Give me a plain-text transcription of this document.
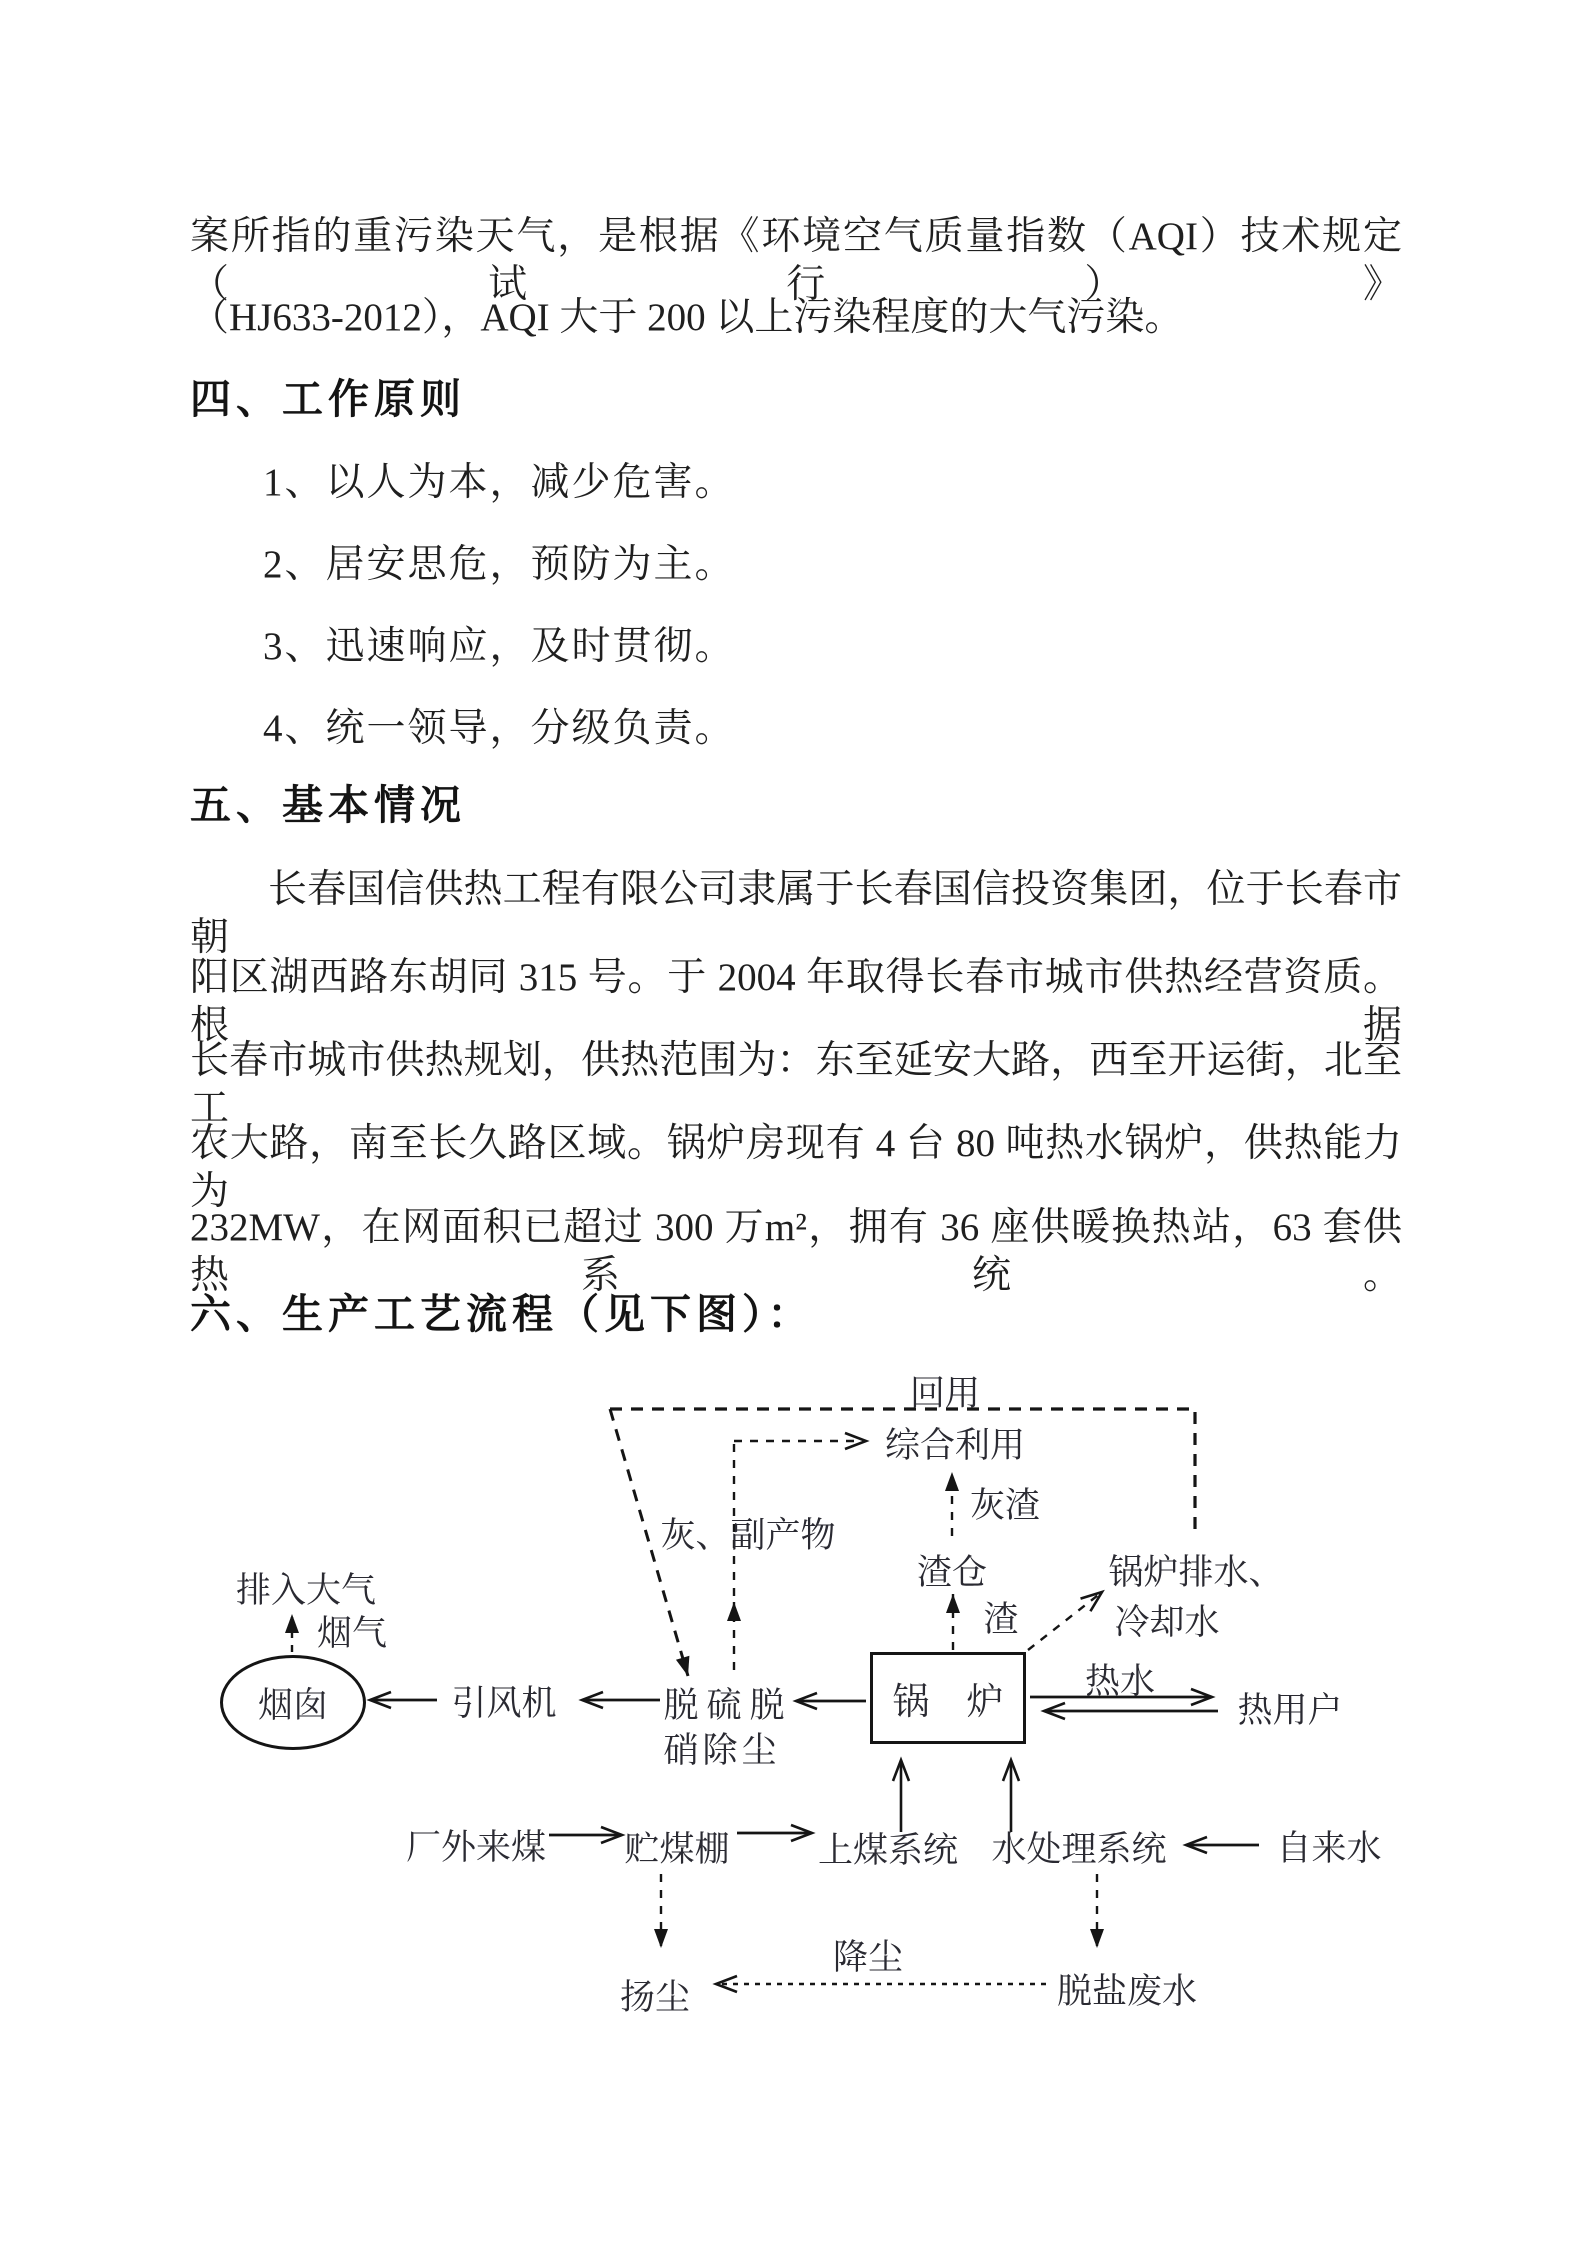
案所指的重污染天气，是根据《环境空气质量指数（AQI）技术规定（试行）》
（HJ633-2012），AQI 大于 200 以上污染程度的大气污染。
四、工作原则
1、以人为本，减少危害。
2、居安思危，预防为主。
3、迅速响应，及时贯彻。
4、统一领导，分级负责。
五、基本情况
长春国信供热工程有限公司隶属于长春国信投资集团，位于长春市朝
阳区湖西路东胡同 315 号。于 2004 年取得长春市城市供热经营资质。根据
长春市城市供热规划，供热范围为：东至延安大路，西至开运街，北至工
农大路，南至长久路区域。锅炉房现有 4 台 80 吨热水锅炉，供热能力为
232MW，在网面积已超过 300 万m²，拥有 36 座供暖换热站，63 套供热系统。
六、生产工艺流程（见下图）：
锅　炉
烟囱
回用
综合利用
灰渣
灰、副产物
渣仓
渣
锅炉排水、
冷却水
排入大气
烟气
引风机	脱硫脱
硝除尘
热水
热用户
厂外来煤 贮煤棚	上煤系统 水处理系统	自来水
扬尘
降尘
脱盐废水
